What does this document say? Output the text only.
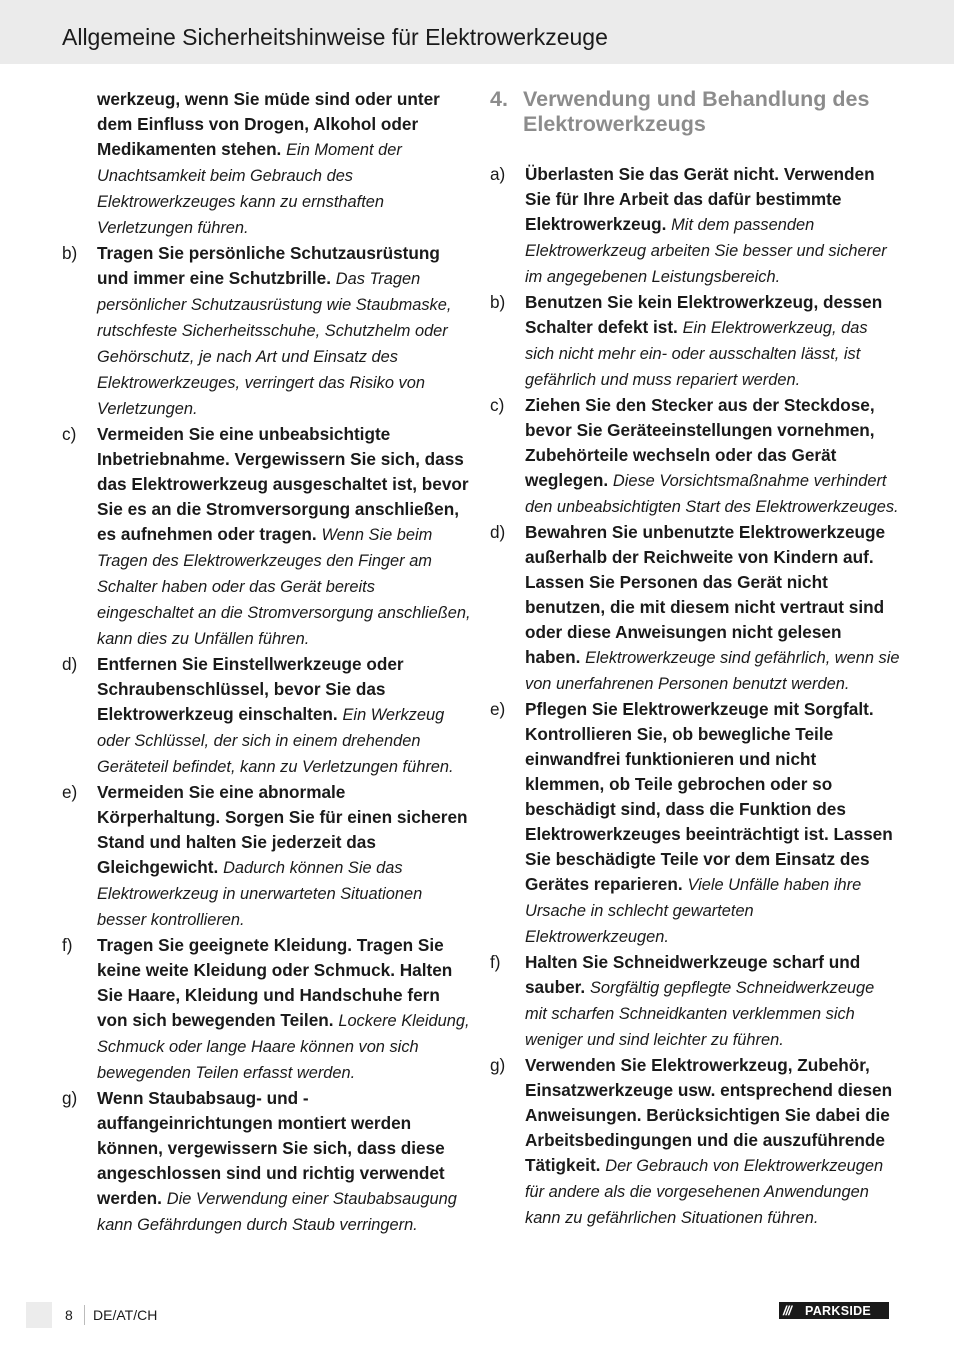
Allgemeine Sicherheitshinweise für Elektrowerkzeuge
werkzeug, wenn Sie müde sind oder unter dem Einfluss von Drogen, Alkohol oder Medikamenten stehen. Ein Moment der Unachtsamkeit beim Gebrauch des Elektrowerkzeuges kann zu ernsthaften Verletzungen führen.
b)	Tragen Sie persönliche Schutzausrüstung und immer eine Schutzbrille. Das Tragen persönlicher Schutzausrüstung wie Staubmaske, rutschfeste Sicherheitsschuhe, Schutzhelm oder Gehörschutz, je nach Art und Einsatz des Elektrowerkzeuges, verringert das Risiko von Verletzungen.
c)	Vermeiden Sie eine unbeabsichtigte Inbetriebnahme. Vergewissern Sie sich, dass das Elektrowerkzeug ausgeschaltet ist, bevor Sie es an die Stromversorgung anschließen, es aufnehmen oder tragen. Wenn Sie beim Tragen des Elektrowerkzeuges den Finger am Schalter haben oder das Gerät bereits eingeschaltet an die Stromversorgung anschließen, kann dies zu Unfällen führen.
d)	Entfernen Sie Einstellwerkzeuge oder Schraubenschlüssel, bevor Sie das Elektrowerkzeug einschalten. Ein Werkzeug oder Schlüssel, der sich in einem drehenden Geräteteil befindet, kann zu Verletzungen führen.
e)	Vermeiden Sie eine abnormale Körperhaltung. Sorgen Sie für einen sicheren Stand und halten Sie jederzeit das Gleichgewicht. Dadurch können Sie das Elektrowerkzeug in unerwarteten Situationen besser kontrollieren.
f)	Tragen Sie geeignete Kleidung. Tragen Sie keine weite Kleidung oder Schmuck. Halten Sie Haare, Kleidung und Handschuhe fern von sich bewegenden Teilen. Lockere Kleidung, Schmuck oder lange Haare können von sich bewegenden Teilen erfasst werden.
g)	Wenn Staubabsaug- und -auffangeinrichtungen montiert werden können, vergewissern Sie sich, dass diese angeschlossen sind und richtig verwendet werden. Die Verwendung einer Staubabsaugung kann Gefährdungen durch Staub verringern.
4. Verwendung und Behandlung des Elektrowerkzeugs
a)	Überlasten Sie das Gerät nicht. Verwenden Sie für Ihre Arbeit das dafür bestimmte Elektrowerkzeug. Mit dem passenden Elektrowerkzeug arbeiten Sie besser und sicherer im angegebenen Leistungsbereich.
b)	Benutzen Sie kein Elektrowerkzeug, dessen Schalter defekt ist. Ein Elektrowerkzeug, das sich nicht mehr ein- oder ausschalten lässt, ist gefährlich und muss repariert werden.
c)	Ziehen Sie den Stecker aus der Steckdose, bevor Sie Geräteeinstellungen vornehmen, Zubehörteile wechseln oder das Gerät weglegen. Diese Vorsichtsmaßnahme verhindert den unbeabsichtigten Start des Elektrowerkzeuges.
d)	Bewahren Sie unbenutzte Elektrowerkzeuge außerhalb der Reichweite von Kindern auf. Lassen Sie Personen das Gerät nicht benutzen, die mit diesem nicht vertraut sind oder diese Anweisungen nicht gelesen haben. Elektrowerkzeuge sind gefährlich, wenn sie von unerfahrenen Personen benutzt werden.
e)	Pflegen Sie Elektrowerkzeuge mit Sorgfalt. Kontrollieren Sie, ob bewegliche Teile einwandfrei funktionieren und nicht klemmen, ob Teile gebrochen oder so beschädigt sind, dass die Funktion des Elektrowerkzeuges beeinträchtigt ist. Lassen Sie beschädigte Teile vor dem Einsatz des Gerätes reparieren. Viele Unfälle haben ihre Ursache in schlecht gewarteten Elektrowerkzeugen.
f)	Halten Sie Schneidwerkzeuge scharf und sauber. Sorgfältig gepflegte Schneidwerkzeuge mit scharfen Schneidkanten verklemmen sich weniger und sind leichter zu führen.
g)	Verwenden Sie Elektrowerkzeug, Zubehör, Einsatzwerkzeuge usw. entsprechend diesen Anweisungen. Berücksichtigen Sie dabei die Arbeitsbedingungen und die auszuführende Tätigkeit. Der Gebrauch von Elektrowerkzeugen für andere als die vorgesehenen Anwendungen kann zu gefährlichen Situationen führen.
8 DE/AT/CH	///	PARKSIDE
